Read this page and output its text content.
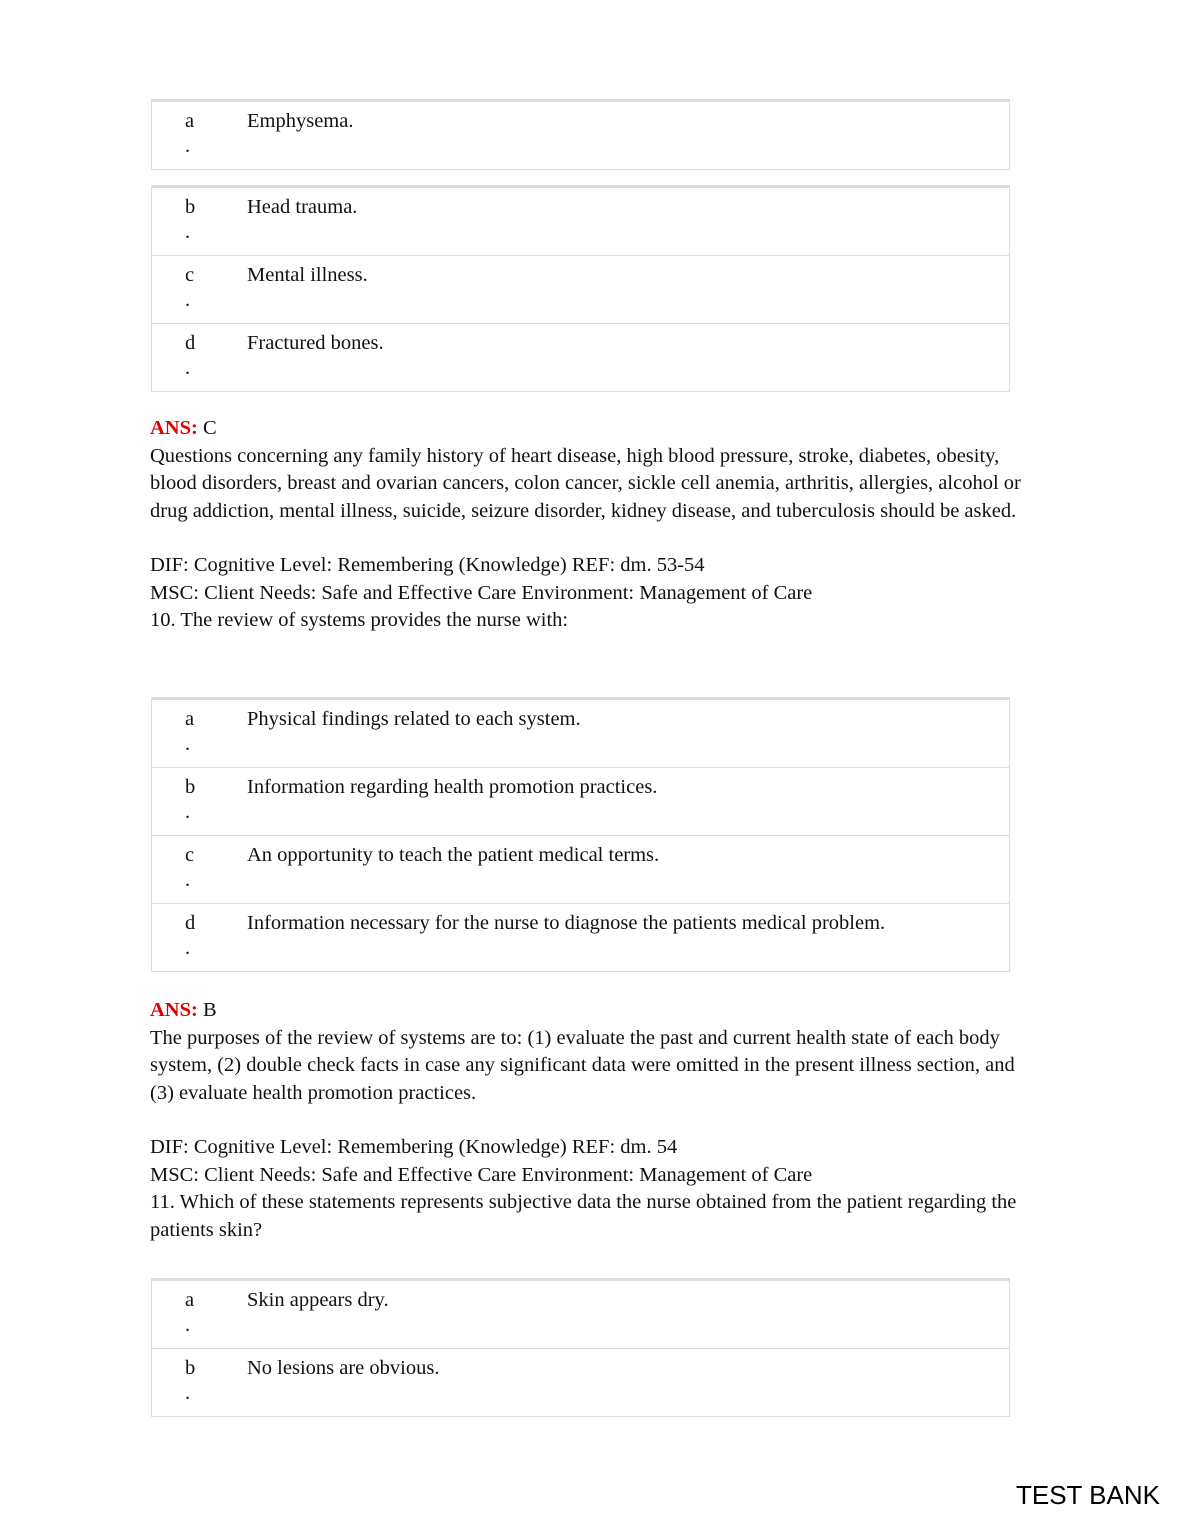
a
.
Emphysema.
b
.
Head trauma.
c
.
Mental illness.
d
.
Fractured bones.

ANS: C

Questions concerning any family history of heart disease, high blood pressure, stroke, diabetes, obesity, blood disorders, breast and ovarian cancers, colon cancer, sickle cell anemia, arthritis, allergies, alcohol or drug addiction, mental illness, suicide, seizure disorder, kidney disease, and tuberculosis should be asked.

DIF: Cognitive Level: Remembering (Knowledge) REF: dm. 53-54

MSC: Client Needs: Safe and Effective Care Environment: Management of Care

10. The review of systems provides the nurse with:

a
.
Physical findings related to each system.
b
.
Information regarding health promotion practices.
c
.
An opportunity to teach the patient medical terms.
d
.
Information necessary for the nurse to diagnose the patients medical problem.

ANS: B

The purposes of the review of systems are to: (1) evaluate the past and current health state of each body system, (2) double check facts in case any significant data were omitted in the present illness section, and (3) evaluate health promotion practices.

DIF: Cognitive Level: Remembering (Knowledge) REF: dm. 54

MSC: Client Needs: Safe and Effective Care Environment: Management of Care

11. Which of these statements represents subjective data the nurse obtained from the patient regarding the patients skin?

a
.
Skin appears dry.
b
.
No lesions are obvious.
TEST BANK
